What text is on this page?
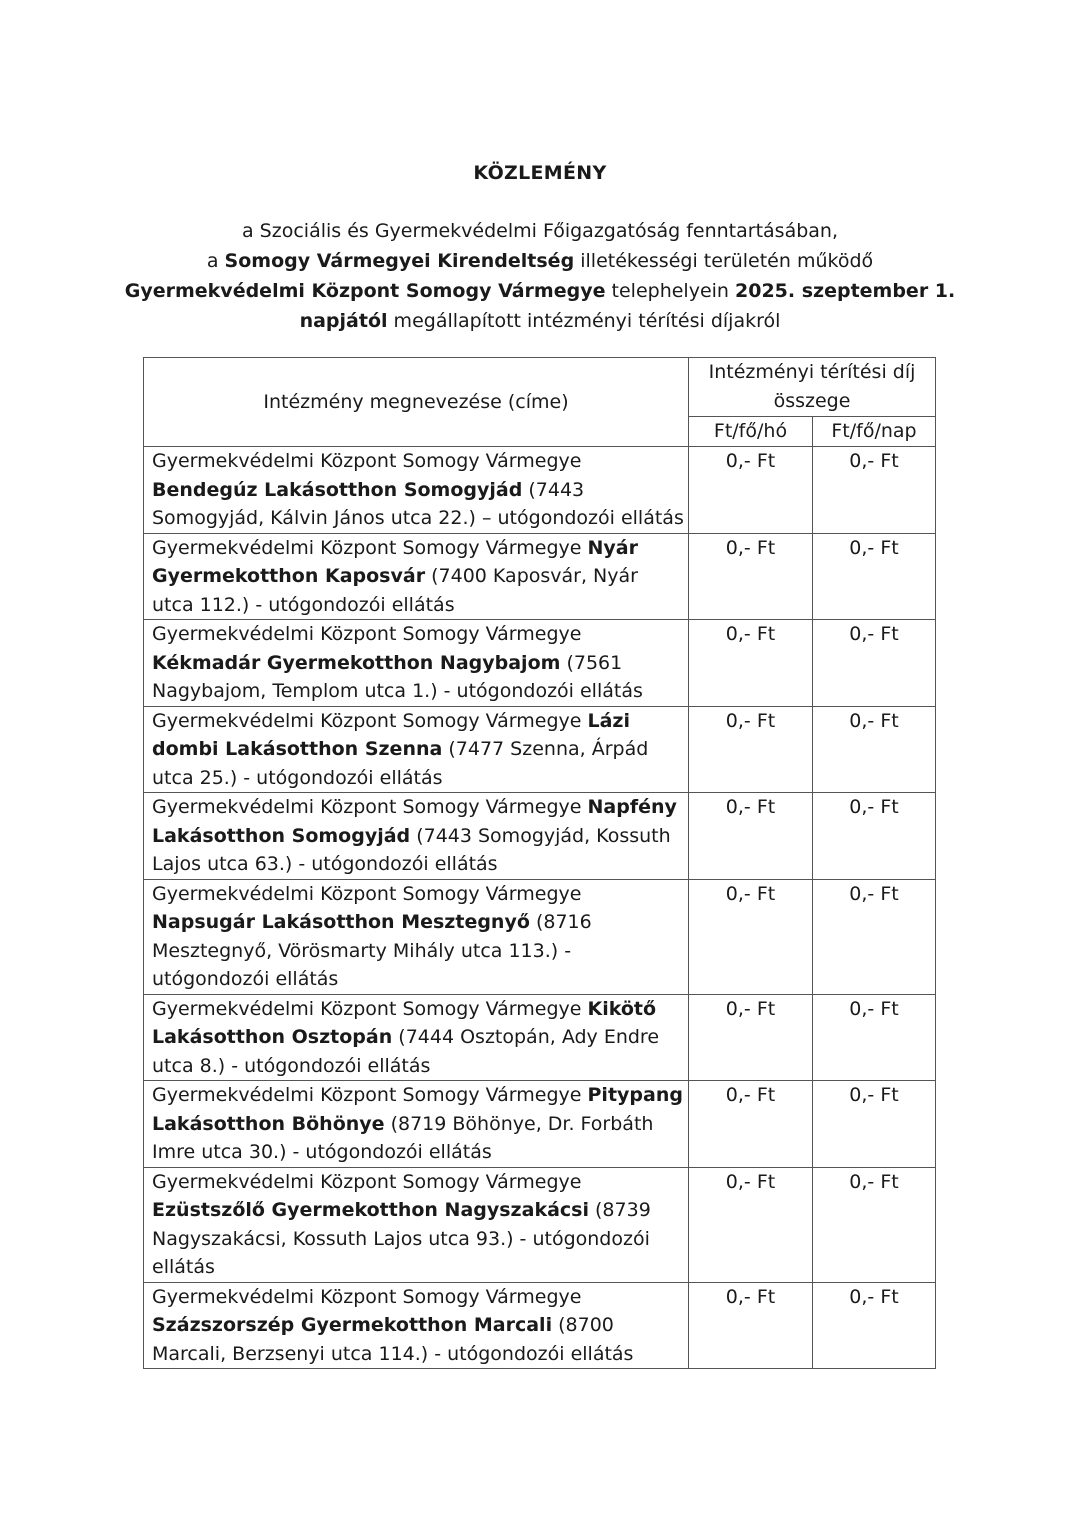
KÖZLEMÉNY
a Szociális és Gyermekvédelmi Főigazgatóság fenntartásában,
a Somogy Vármegyei Kirendeltség illetékességi területén működő
Gyermekvédelmi Központ Somogy Vármegye telephelyein 2025. szeptember 1.
napjától megállapított intézményi térítési díjakról
Intézmény megnevezése (címe)	Intézményi térítési díj összege	
	Ft/fő/hó	Ft/fő/nap
Gyermekvédelmi Központ Somogy Vármegye Bendegúz Lakásotthon Somogyjád (7443 Somogyjád, Kálvin János utca 22.) – utógondozói ellátás	0,- Ft	0,- Ft
Gyermekvédelmi Központ Somogy Vármegye Nyár Gyermekotthon Kaposvár (7400 Kaposvár, Nyár utca 112.) - utógondozói ellátás	0,- Ft	0,- Ft
Gyermekvédelmi Központ Somogy Vármegye Kékmadár Gyermekotthon Nagybajom (7561 Nagybajom, Templom utca 1.) - utógondozói ellátás	0,- Ft	0,- Ft
Gyermekvédelmi Központ Somogy Vármegye Lázi dombi Lakásotthon Szenna (7477 Szenna, Árpád utca 25.) - utógondozói ellátás	0,- Ft	0,- Ft
Gyermekvédelmi Központ Somogy Vármegye Napfény Lakásotthon Somogyjád (7443 Somogyjád, Kossuth Lajos utca 63.) - utógondozói ellátás	0,- Ft	0,- Ft
Gyermekvédelmi Központ Somogy Vármegye Napsugár Lakásotthon Mesztegnyő (8716 Mesztegnyő, Vörösmarty Mihály utca 113.) - utógondozói ellátás	0,- Ft	0,- Ft
Gyermekvédelmi Központ Somogy Vármegye Kikötő Lakásotthon Osztopán (7444 Osztopán, Ady Endre utca 8.) - utógondozói ellátás	0,- Ft	0,- Ft
Gyermekvédelmi Központ Somogy Vármegye Pitypang Lakásotthon Böhönye (8719 Böhönye, Dr. Forbáth Imre utca 30.) - utógondozói ellátás	0,- Ft	0,- Ft
Gyermekvédelmi Központ Somogy Vármegye Ezüstszőlő Gyermekotthon Nagyszakácsi (8739 Nagyszakácsi, Kossuth Lajos utca 93.) - utógondozói ellátás	0,- Ft	0,- Ft
Gyermekvédelmi Központ Somogy Vármegye Százszorszép Gyermekotthon Marcali (8700 Marcali, Berzsenyi utca 114.) - utógondozói ellátás	0,- Ft	0,- Ft
